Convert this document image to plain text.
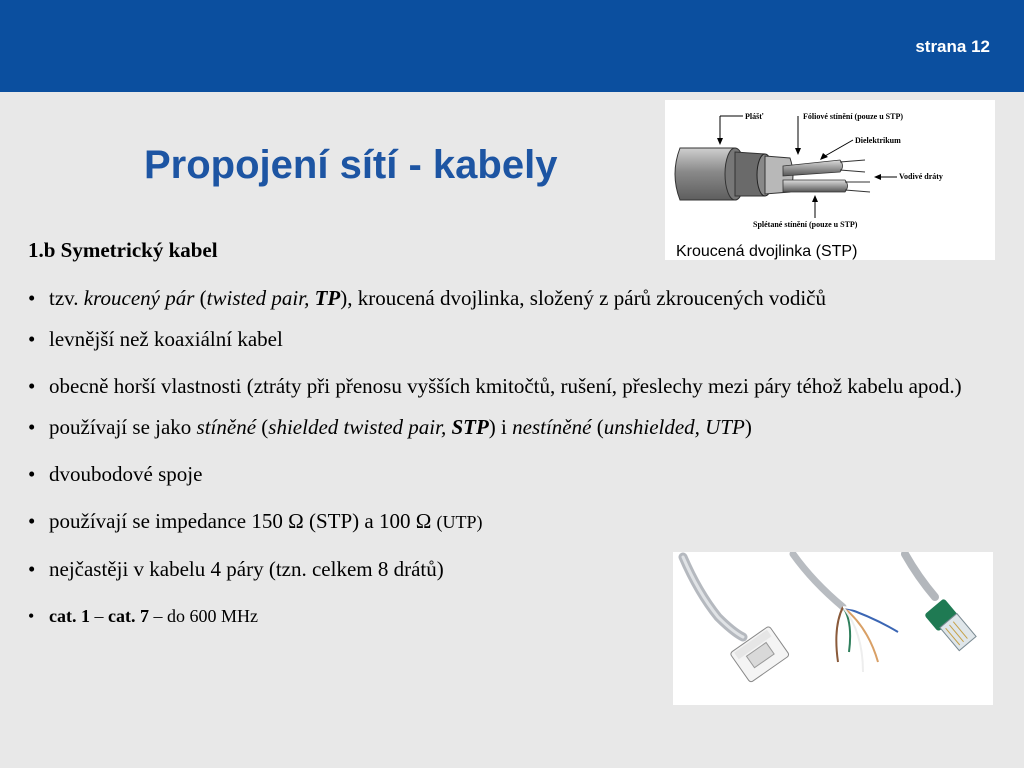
strana 12
Propojení sítí - kabely
1.b Symetrický kabel
• tzv. kroucený pár (twisted pair, TP), kroucená dvojlinka, složený z párů zkroucených vodičů
• levnější než koaxiální kabel
• obecně horší vlastnosti (ztráty při přenosu vyšších kmitočtů, rušení, přeslechy mezi páry téhož kabelu apod.)
• používají se jako stíněné (shielded twisted pair, STP) i nestíněné (unshielded, UTP)
• dvoubodové spoje
• používají se impedance 150 Ω (STP) a 100 Ω (UTP)
• nejčastěji v kabelu 4 páry (tzn. celkem 8 drátů)
• cat. 1 – cat. 7 – do 600 MHz
Plášť	Fóliové stínění (pouze u STP)
Dielektrikum
Vodivé dráty
Splétané stínění (pouze u STP)
Kroucená dvojlinka (STP)
